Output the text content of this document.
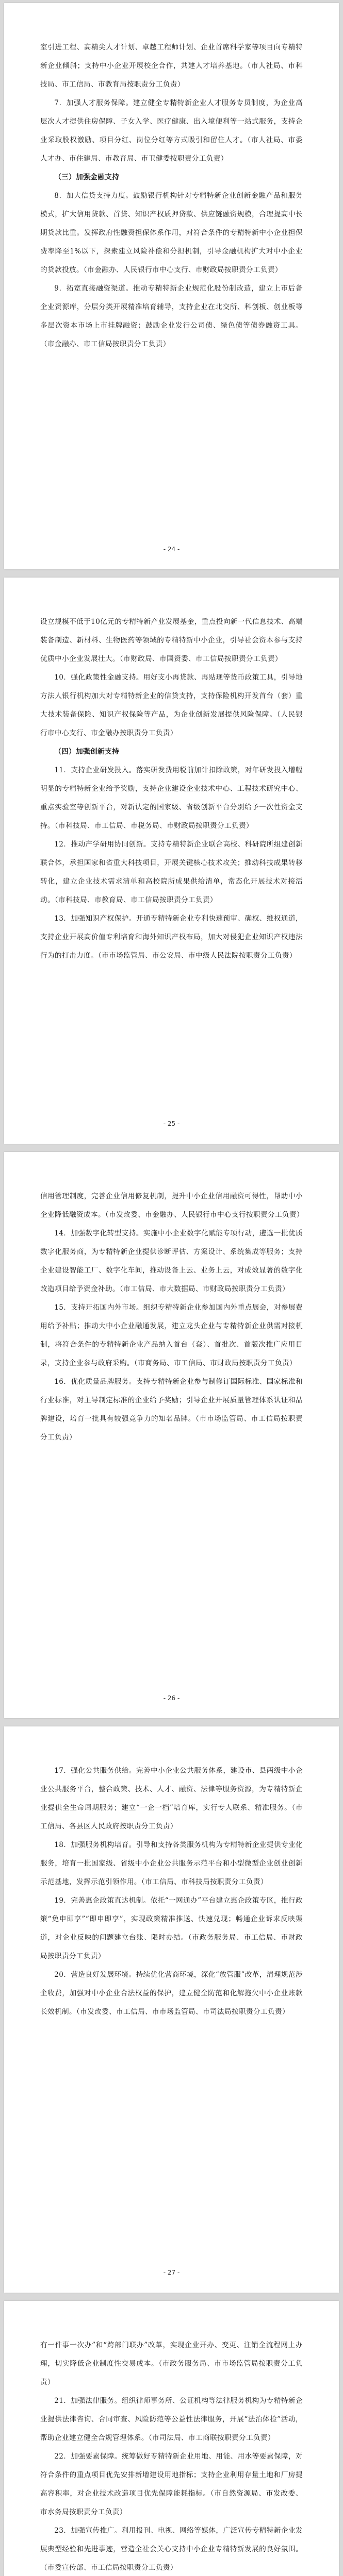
室引进工程、高精尖人才计划、卓越工程师计划、企业首席科学家等项目向专精特新企业倾斜；支持中小企业开展校企合作，共建人才培养基地。（市人社局、市科技局、市工信局、市教育局按职责分工负责）

7．加强人才服务保障。建立健全专精特新企业人才服务专员制度，为企业高层次人才提供住房保障、子女入学、医疗健康、出入境便利等一站式服务，支持企业采取股权激励、项目分红、岗位分红等方式吸引和留住人才。（市人社局、市委人才办、市住建局、市教育局、市卫健委按职责分工负责）

（三）加强金融支持

8．加大信贷支持力度。鼓励银行机构针对专精特新企业创新金融产品和服务模式，扩大信用贷款、首贷、知识产权质押贷款、供应链融资规模，合理提高中长期贷款比重。发挥政府性融资担保体系作用，对符合条件的专精特新中小企业担保费率降至1%以下，探索建立风险补偿和分担机制，引导金融机构扩大对中小企业的贷款投放。（市金融办、人民银行市中心支行、市财政局按职责分工负责）

9．拓宽直接融资渠道。推动专精特新企业规范化股份制改造，建立上市后备企业资源库，分层分类开展精准培育辅导，支持企业在北交所、科创板、创业板等多层次资本市场上市挂牌融资；鼓励企业发行公司债、绿色债等债券融资工具。（市金融办、市工信局按职责分工负责）

- 24 -

设立规模不低于10亿元的专精特新产业发展基金，重点投向新一代信息技术、高端装备制造、新材料、生物医药等领域的专精特新中小企业，引导社会资本参与支持优质中小企业发展壮大。（市财政局、市国资委、市工信局按职责分工负责）

10．强化政策性金融支持。用好支小再贷款、再贴现等货币政策工具，引导地方法人银行机构加大对专精特新企业的信贷支持，支持保险机构开发首台（套）重大技术装备保险、知识产权保险等产品，为企业创新发展提供风险保障。（人民银行市中心支行、市金融办按职责分工负责）

（四）加强创新支持

11．支持企业研发投入。落实研发费用税前加计扣除政策，对年研发投入增幅明显的专精特新企业给予奖励，支持企业建设企业技术中心、工程技术研究中心、重点实验室等创新平台，对新认定的国家级、省级创新平台分别给予一次性资金支持。（市科技局、市工信局、市税务局、市财政局按职责分工负责）

12．推动产学研用协同创新。支持专精特新企业联合高校、科研院所组建创新联合体，承担国家和省重大科技项目，开展关键核心技术攻关；推动科技成果转移转化，建立企业技术需求清单和高校院所成果供给清单，常态化开展技术对接活动。（市科技局、市教育局、市工信局按职责分工负责）

13．加强知识产权保护。开通专精特新企业专利快速预审、确权、维权通道，支持企业开展高价值专利培育和海外知识产权布局，加大对侵犯企业知识产权违法行为的打击力度。（市市场监管局、市公安局、市中级人民法院按职责分工负责）

- 25 -

信用管理制度，完善企业信用修复机制，提升中小企业信用融资可得性，帮助中小企业降低融资成本。（市发改委、市金融办、人民银行市中心支行按职责分工负责）

14．加强数字化转型支持。实施中小企业数字化赋能专项行动，遴选一批优质数字化服务商，为专精特新企业提供诊断评估、方案设计、系统集成等服务；支持企业建设智能工厂、数字化车间，推动设备上云、业务上云，对成效显著的数字化改造项目给予资金补助。（市工信局、市大数据局、市财政局按职责分工负责）

15．支持开拓国内外市场。组织专精特新企业参加国内外重点展会，对参展费用给予补贴；推动大中小企业融通发展，建立龙头企业与专精特新企业供需对接机制，将符合条件的专精特新企业产品纳入首台（套）、首批次、首版次推广应用目录，支持企业参与政府采购。（市商务局、市工信局、市财政局按职责分工负责）

16．优化质量品牌服务。支持专精特新企业参与制修订国际标准、国家标准和行业标准，对主导制定标准的企业给予奖励；引导企业开展质量管理体系认证和品牌建设，培育一批具有较强竞争力的知名品牌。（市市场监管局、市工信局按职责分工负责）

- 26 -

17．强化公共服务供给。完善中小企业公共服务体系，建设市、县两级中小企业公共服务平台，整合政策、技术、人才、融资、法律等服务资源，为专精特新企业提供全生命周期服务；建立“一企一档”培育库，实行专人联系、精准服务。（市工信局、各县区人民政府按职责分工负责）

18．加强服务机构培育。引导和支持各类服务机构为专精特新企业提供专业化服务，培育一批国家级、省级中小企业公共服务示范平台和小型微型企业创业创新示范基地，发挥示范引领作用。（市工信局、市科技局按职责分工负责）

19．完善惠企政策直达机制。依托“一网通办”平台建立惠企政策专区，推行政策“免申即享”“即申即享”，实现政策精准推送、快速兑现；畅通企业诉求反映渠道，对企业反映的问题建立台账、限时办结。（市政务服务局、市工信局、市财政局按职责分工负责）

20．营造良好发展环境。持续优化营商环境，深化“放管服”改革，清理规范涉企收费，加强对中小企业合法权益的保护，建立健全防范和化解拖欠中小企业账款长效机制。（市发改委、市工信局、市市场监管局、市司法局按职责分工负责）

- 27 -

有一件事一次办”和“跨部门联办”改革，实现企业开办、变更、注销全流程网上办理，切实降低企业制度性交易成本。（市政务服务局、市市场监管局按职责分工负责）

21．加强法律服务。组织律师事务所、公证机构等法律服务机构为专精特新企业提供法律咨询、合同审查、风险防范等公益性法律服务，开展“法治体检”活动，帮助企业建立健全合规管理体系。（市司法局、市工商联按职责分工负责）

22．加强要素保障。统筹做好专精特新企业用地、用能、用水等要素保障，对符合条件的重点项目优先安排新增建设用地指标；支持企业利用存量土地和厂房提高容积率，对企业技术改造项目优先保障能耗指标。（市自然资源局、市发改委、市水务局按职责分工负责）

23．加强宣传推广。利用报刊、电视、网络等媒体，广泛宣传专精特新企业发展典型经验和先进事迹，营造全社会关心支持中小企业专精特新发展的良好氛围。（市委宣传部、市工信局按职责分工负责）
